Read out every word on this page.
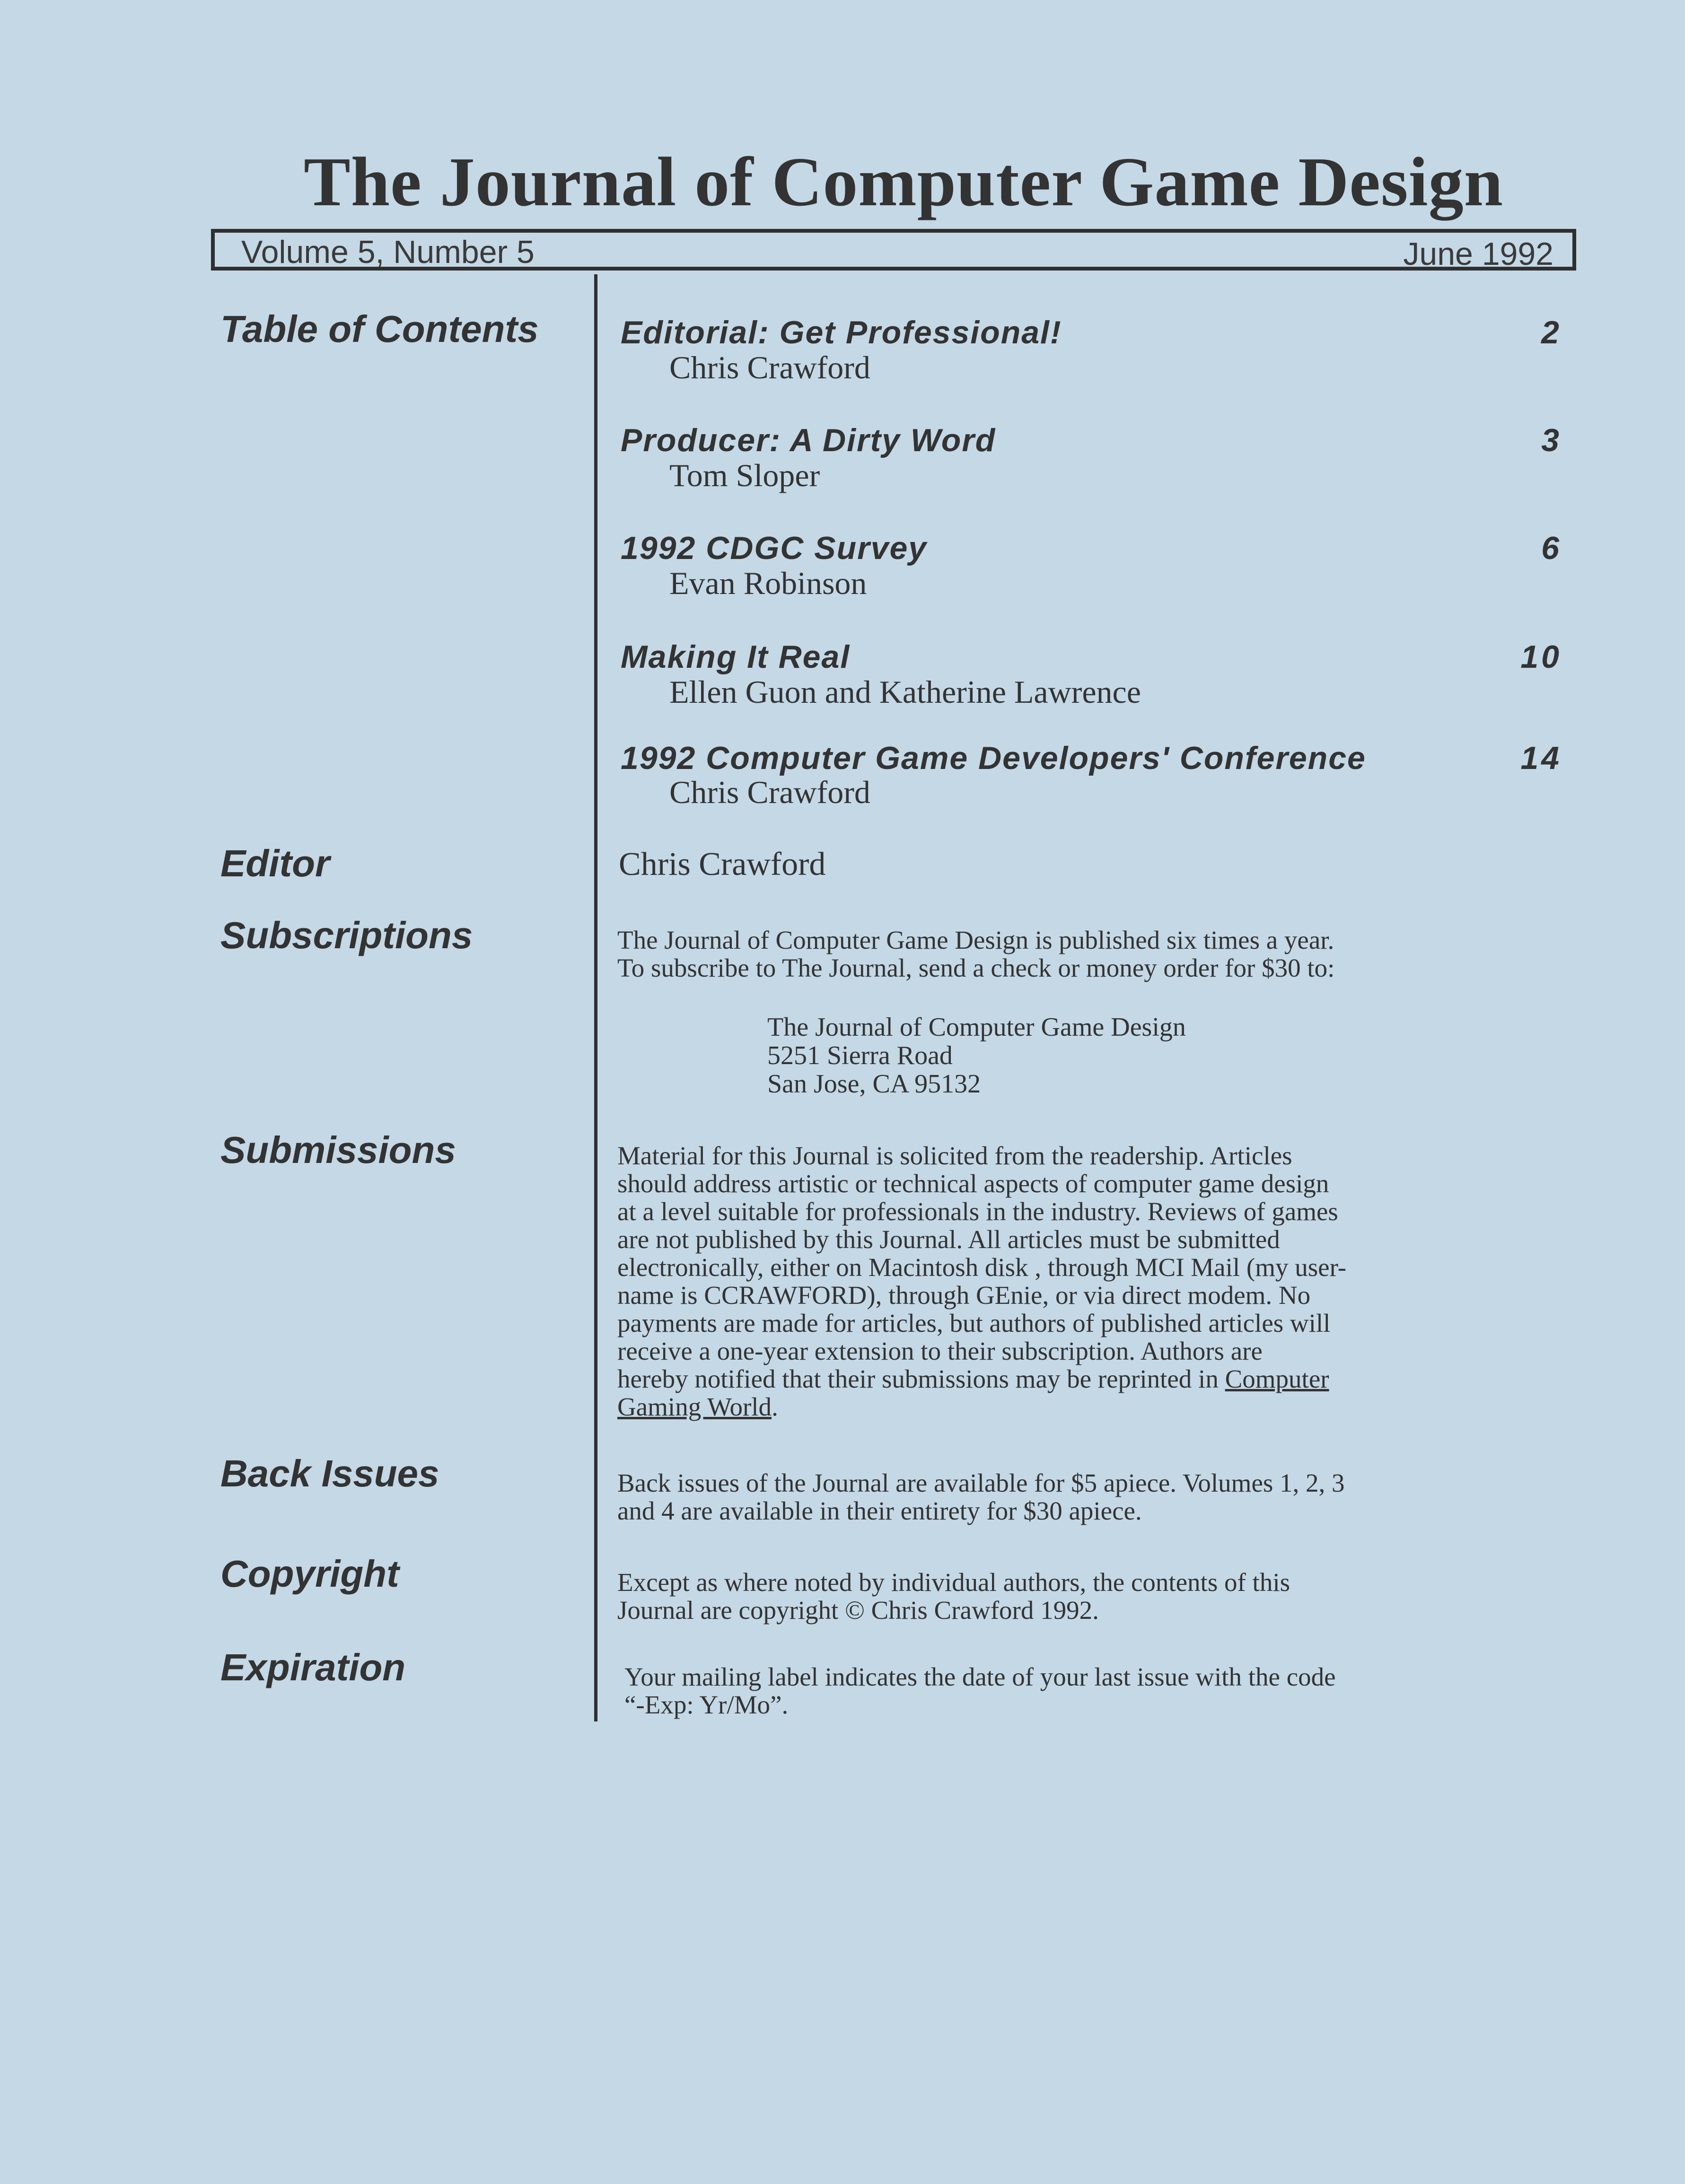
The Journal of Computer Game Design
Volume 5, Number 5	June 1992
Table of Contents	Editorial: Get Professional!	2
Chris Crawford
Producer: A Dirty Word	3
Tom Sloper
1992 CDGC Survey	6
Evan Robinson
Making It Real	10
Ellen Guon and Katherine Lawrence
1992 Computer Game Developers' Conference	14
Chris Crawford
Editor	Chris Crawford
Subscriptions	The Journal of Computer Game Design is published six times a year.

To subscribe to The Journal, send a check or money order for $30 to:

The Journal of Computer Game Design
5251 Sierra Road
San Jose, CA 95132
Submissions	Material for this Journal is solicited from the readership. Articles

should address artistic or technical aspects of computer game design

at a level suitable for professionals in the industry. Reviews of games

are not published by this Journal. All articles must be submitted

electronically, either on Macintosh disk , through MCI Mail (my user-

name is CCRAWFORD), through GEnie, or via direct modem. No

payments are made for articles, but authors of published articles will

receive a one-year extension to their subscription. Authors are

hereby notified that their submissions may be reprinted in Computer

Gaming World.

Back Issues	Back issues of the Journal are available for $5 apiece. Volumes 1, 2, 3

and 4 are available in their entirety for $30 apiece.

Copyright	Except as where noted by individual authors, the contents of this

Journal are copyright © Chris Crawford 1992.

Expiration	Your mailing label indicates the date of your last issue with the code

“-Exp: Yr/Mo”.
